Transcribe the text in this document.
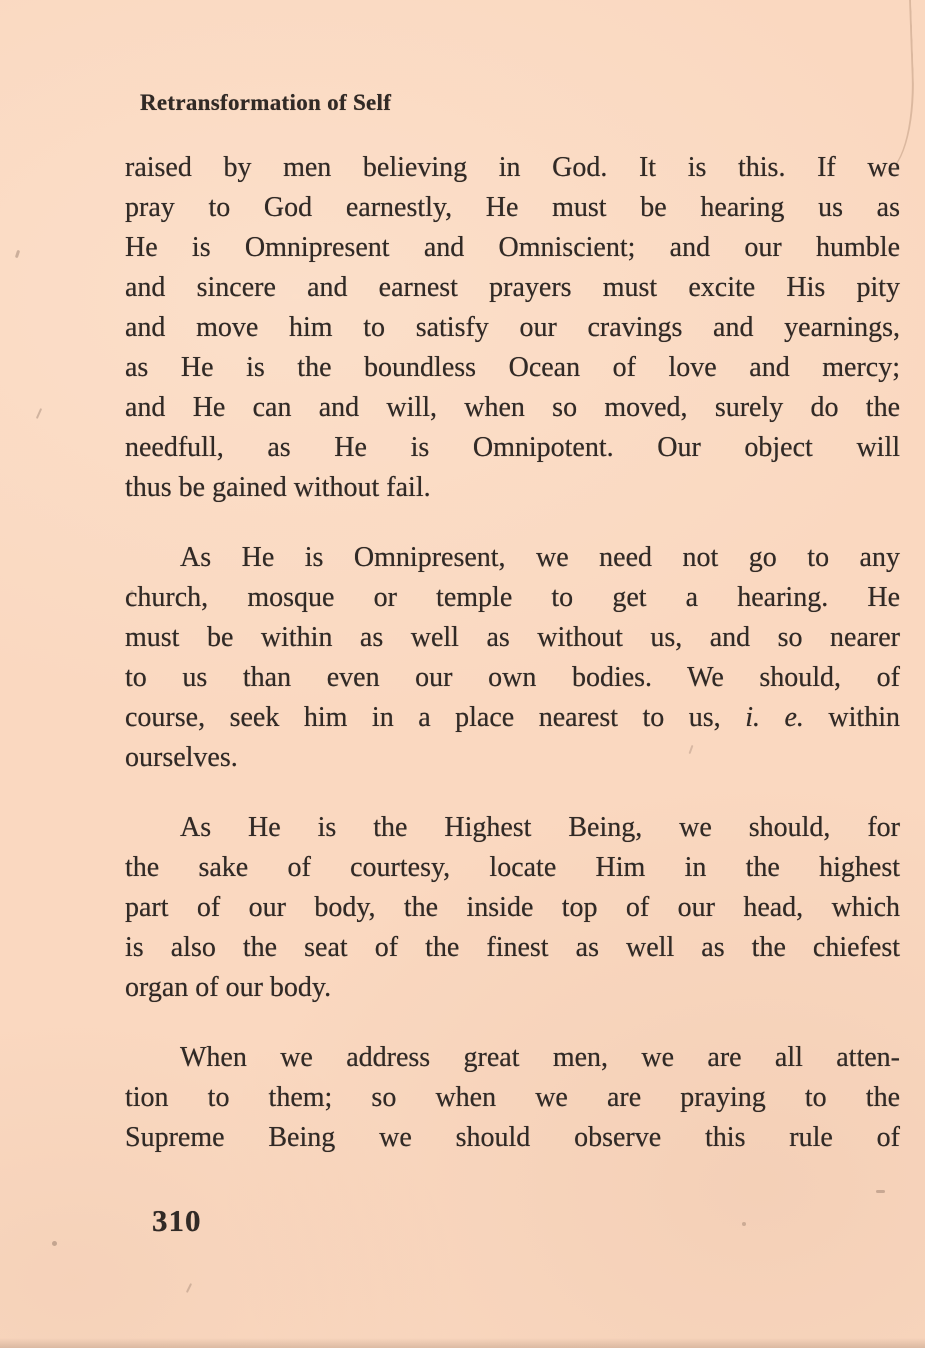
Retransformation of Self
raised by men believing in God. It is this. If we
pray to God earnestly, He must be hearing us as
He is Omnipresent and Omniscient; and our humble
and sincere and earnest prayers must excite His pity
and move him to satisfy our cravings and yearnings,
as He is the boundless Ocean of love and mercy;
and He can and will, when so moved, surely do the
needfull, as He is Omnipotent. Our object will
thus be gained without fail.
As He is Omnipresent, we need not go to any
church, mosque or temple to get a hearing. He
must be within as well as without us, and so nearer
to us than even our own bodies. We should, of
course, seek him in a place nearest to us, i. e. within
ourselves.
As He is the Highest Being, we should, for
the sake of courtesy, locate Him in the highest
part of our body, the inside top of our head, which
is also the seat of the finest as well as the chiefest
organ of our body.
When we address great men, we are all atten-
tion to them; so when we are praying to the
Supreme Being we should observe this rule of
310
